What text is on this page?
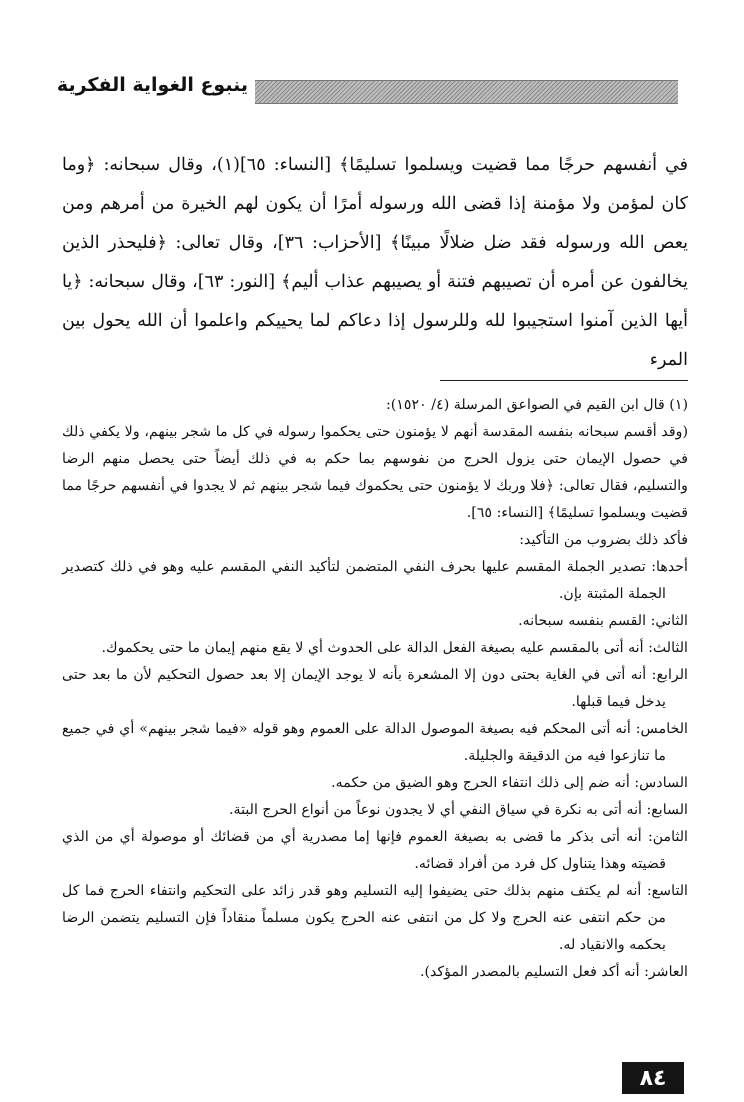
ينبوع الغواية الفكرية

في أنفسهم حرجًا مما قضيت ويسلموا تسليمًا﴾ [النساء: ٦٥](١)، وقال سبحانه: ﴿وما كان لمؤمن ولا مؤمنة إذا قضى الله ورسوله أمرًا أن يكون لهم الخيرة من أمرهم ومن يعص الله ورسوله فقد ضل ضلالًا مبينًا﴾ [الأحزاب: ٣٦]، وقال تعالى: ﴿فليحذر الذين يخالفون عن أمره أن تصيبهم فتنة أو يصيبهم عذاب أليم﴾ [النور: ٦٣]، وقال سبحانه: ﴿يا أيها الذين آمنوا استجيبوا لله وللرسول إذا دعاكم لما يحييكم واعلموا أن الله يحول بين المرء

(١) قال ابن القيم في الصواعق المرسلة (٤/ ١٥٢٠):

(وقد أقسم سبحانه بنفسه المقدسة أنهم لا يؤمنون حتى يحكموا رسوله في كل ما شجر بينهم، ولا يكفي ذلك في حصول الإيمان حتى يزول الحرج من نفوسهم بما حكم به في ذلك أيضاً حتى يحصل منهم الرضا والتسليم، فقال تعالى: ﴿فلا وربك لا يؤمنون حتى يحكموك فيما شجر بينهم ثم لا يجدوا في أنفسهم حرجًا مما قضيت ويسلموا تسليمًا﴾ [النساء: ٦٥].

فأكد ذلك بضروب من التأكيد:

أحدها: تصدير الجملة المقسم عليها بحرف النفي المتضمن لتأكيد النفي المقسم عليه وهو في ذلك كتصدير الجملة المثبتة بإن.

الثاني: القسم بنفسه سبحانه.

الثالث: أنه أتى بالمقسم عليه بصيغة الفعل الدالة على الحدوث أي لا يقع منهم إيمان ما حتى يحكموك.

الرابع: أنه أتى في الغاية بحتى دون إلا المشعرة بأنه لا يوجد الإيمان إلا بعد حصول التحكيم لأن ما بعد حتى يدخل فيما قبلها.

الخامس: أنه أتى المحكم فيه بصيغة الموصول الدالة على العموم وهو قوله «فيما شجر بينهم» أي في جميع ما تنازعوا فيه من الدقيقة والجليلة.

السادس: أنه ضم إلى ذلك انتفاء الحرج وهو الضيق من حكمه.

السابع: أنه أتى به نكرة في سياق النفي أي لا يجدون نوعاً من أنواع الحرج البتة.

الثامن: أنه أتى بذكر ما قضى به بصيغة العموم فإنها إما مصدرية أي من قضائك أو موصولة أي من الذي قضيته وهذا يتناول كل فرد من أفراد قضائه.

التاسع: أنه لم يكتف منهم بذلك حتى يضيفوا إليه التسليم وهو قدر زائد على التحكيم وانتفاء الحرج فما كل من حكم انتفى عنه الحرج ولا كل من انتفى عنه الحرج يكون مسلماً منقاداً فإن التسليم يتضمن الرضا بحكمه والانقياد له.

العاشر: أنه أكد فعل التسليم بالمصدر المؤكد).

٨٤
